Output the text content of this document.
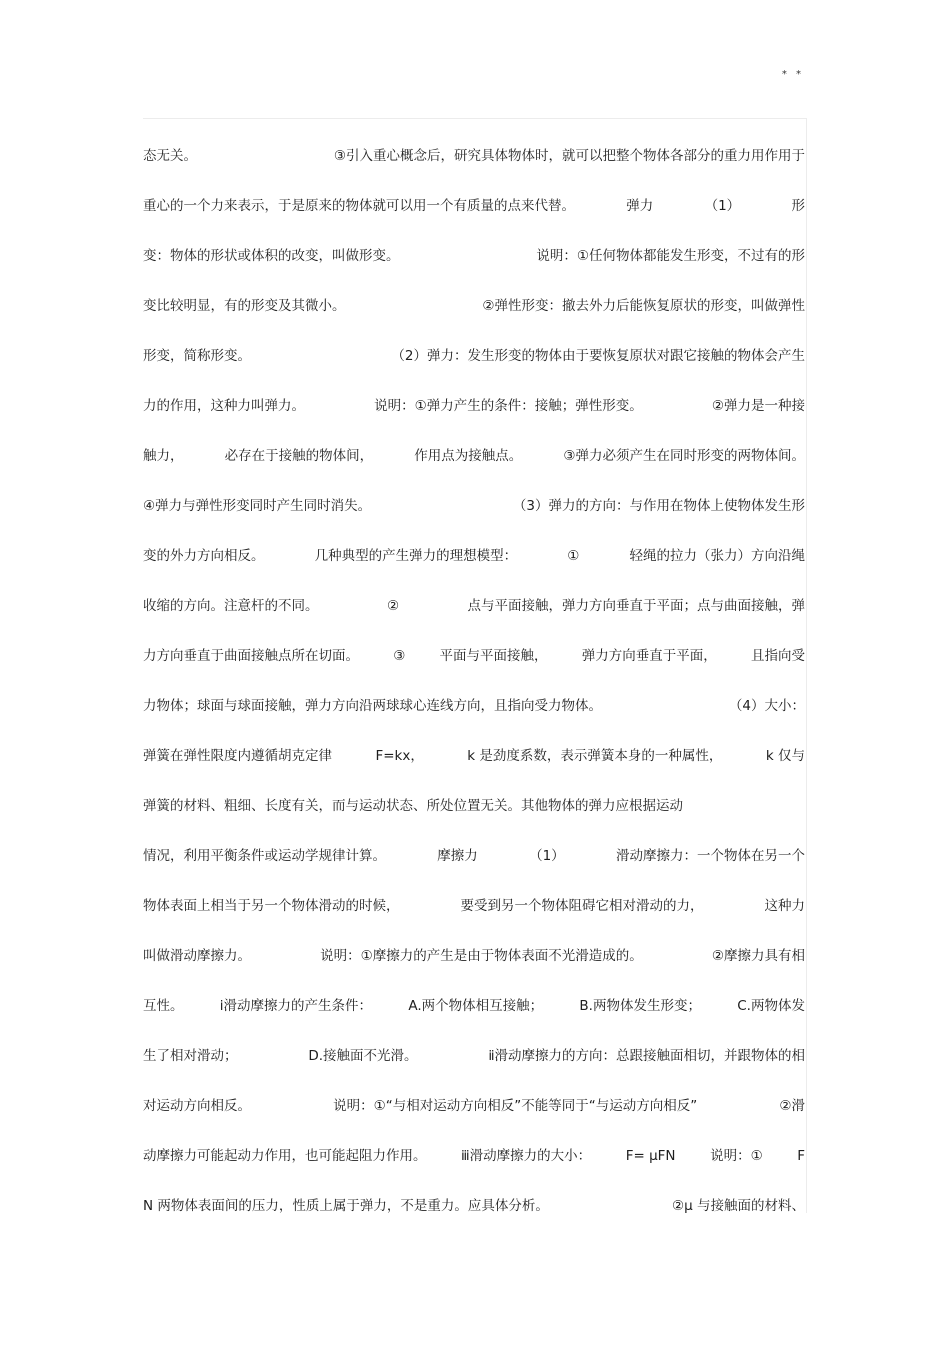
* *
态无关。	③引入重心概念后，研究具体物体时，就可以把整个物体各部分的重力用作用于
重心的一个力来表示，于是原来的物体就可以用一个有质量的点来代替。	弹力	（1）	形
变：物体的形状或体积的改变，叫做形变。	说明：①任何物体都能发生形变，不过有的形
变比较明显，有的形变及其微小。	②弹性形变：撤去外力后能恢复原状的形变，叫做弹性
形变，简称形变。	（2）弹力：发生形变的物体由于要恢复原状对跟它接触的物体会产生
力的作用，这种力叫弹力。	说明：①弹力产生的条件：接触；弹性形变。	②弹力是一种接
触力，	必存在于接触的物体间，	作用点为接触点。	③弹力必须产生在同时形变的两物体间。
④弹力与弹性形变同时产生同时消失。	（3）弹力的方向：与作用在物体上使物体发生形
变的外力方向相反。	几种典型的产生弹力的理想模型：	①	轻绳的拉力（张力）方向沿绳
收缩的方向。注意杆的不同。	②	点与平面接触，弹力方向垂直于平面；点与曲面接触，弹
力方向垂直于曲面接触点所在切面。	③	平面与平面接触，	弹力方向垂直于平面，	且指向受
力物体；球面与球面接触，弹力方向沿两球球心连线方向，且指向受力物体。	（4）大小：
弹簧在弹性限度内遵循胡克定律	F=kx，	k 是劲度系数，表示弹簧本身的一种属性，	k 仅与
弹簧的材料、粗细、长度有关，而与运动状态、所处位置无关。其他物体的弹力应根据运动
情况，利用平衡条件或运动学规律计算。	摩擦力	（1）	滑动摩擦力：一个物体在另一个
物体表面上相当于另一个物体滑动的时候，	要受到另一个物体阻碍它相对滑动的力，	这种力
叫做滑动摩擦力。	说明：①摩擦力的产生是由于物体表面不光滑造成的。	②摩擦力具有相
互性。	ⅰ滑动摩擦力的产生条件：	A.两个物体相互接触；	B.两物体发生形变；	C.两物体发
生了相对滑动；	D.接触面不光滑。	ⅱ滑动摩擦力的方向：总跟接触面相切，并跟物体的相
对运动方向相反。	说明：①“与相对运动方向相反”不能等同于“与运动方向相反”	②滑
动摩擦力可能起动力作用，也可能起阻力作用。	ⅲ滑动摩擦力的大小：	F= μFN	说明：①	F
N 两物体表面间的压力，性质上属于弹力，不是重力。应具体分析。	②μ 与接触面的材料、
